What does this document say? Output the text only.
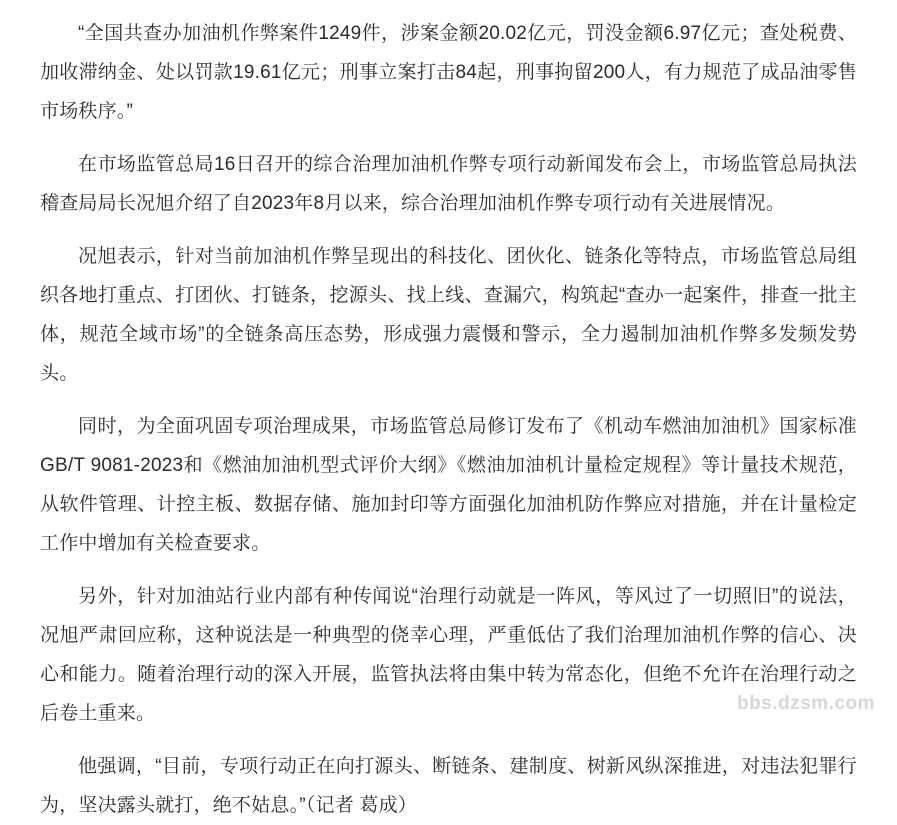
“全国共查办加油机作弊案件1249件，涉案金额20.02亿元，罚没金额6.97亿元；查处税费、加收滞纳金、处以罚款19.61亿元；刑事立案打击84起，刑事拘留200人，有力规范了成品油零售市场秩序。”
在市场监管总局16日召开的综合治理加油机作弊专项行动新闻发布会上，市场监管总局执法稽查局局长况旭介绍了自2023年8月以来，综合治理加油机作弊专项行动有关进展情况。
况旭表示，针对当前加油机作弊呈现出的科技化、团伙化、链条化等特点，市场监管总局组织各地打重点、打团伙、打链条，挖源头、找上线、查漏穴，构筑起“查办一起案件，排查一批主体，规范全域市场”的全链条高压态势，形成强力震慑和警示，全力遏制加油机作弊多发频发势头。
同时，为全面巩固专项治理成果，市场监管总局修订发布了《机动车燃油加油机》国家标准GB/T 9081-2023和《燃油加油机型式评价大纲》《燃油加油机计量检定规程》等计量技术规范，从软件管理、计控主板、数据存储、施加封印等方面强化加油机防作弊应对措施，并在计量检定工作中增加有关检查要求。
另外，针对加油站行业内部有种传闻说“治理行动就是一阵风，等风过了一切照旧”的说法，况旭严肃回应称，这种说法是一种典型的侥幸心理，严重低估了我们治理加油机作弊的信心、决心和能力。随着治理行动的深入开展，监管执法将由集中转为常态化，但绝不允许在治理行动之后卷土重来。
他强调，“目前，专项行动正在向打源头、断链条、建制度、树新风纵深推进，对违法犯罪行为，坚决露头就打，绝不姑息。”（记者 葛成）
bbs.dzsm.com
